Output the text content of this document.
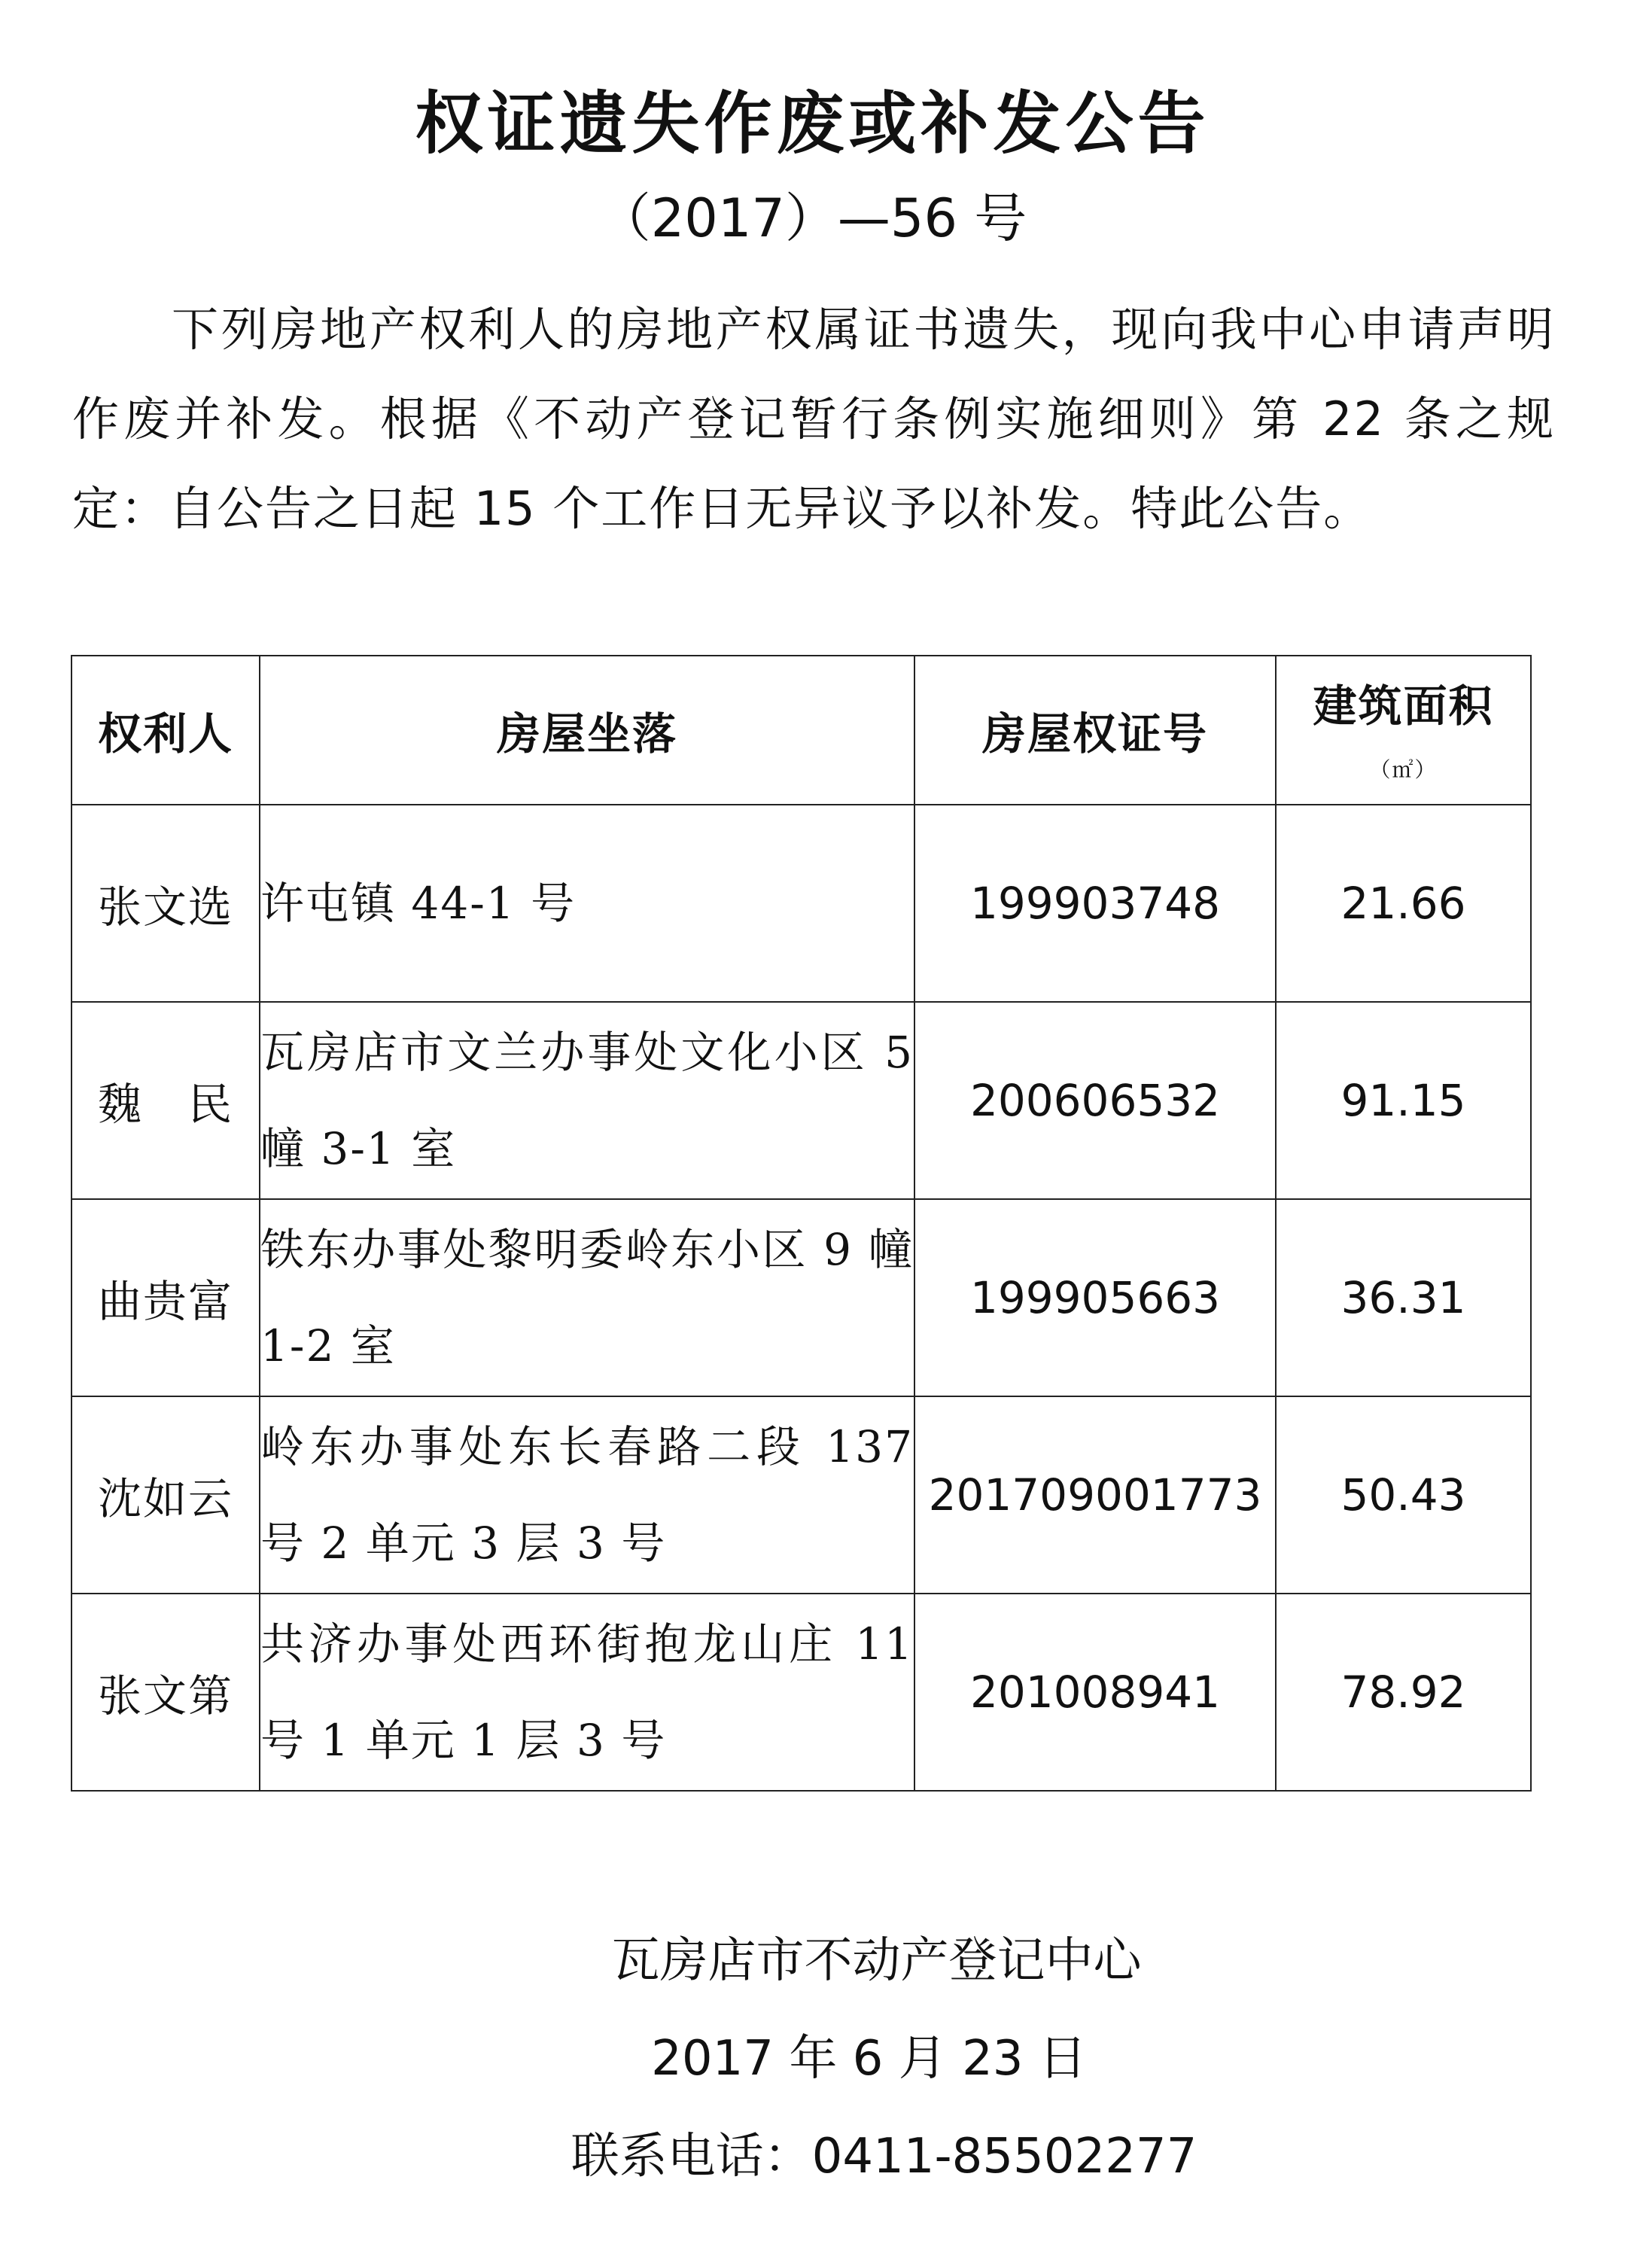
权证遗失作废或补发公告
（2017）—56 号
下列房地产权利人的房地产权属证书遗失，现向我中心申请声明作废并补发。根据《不动产登记暂行条例实施细则》第 22 条之规定：自公告之日起 15 个工作日无异议予以补发。特此公告。
权利人	房屋坐落	房屋权证号	建筑面积
（㎡）

张文选	许屯镇 44-1 号	199903748	21.66
魏　民	瓦房店市文兰办事处文化小区 5 幢 3-1 室	200606532	91.15
曲贵富	铁东办事处黎明委岭东小区 9 幢 1-2 室	199905663	36.31
沈如云	岭东办事处东长春路二段 137 号 2 单元 3 层 3 号	201709001773	50.43
张文第	共济办事处西环街抱龙山庄 11 号 1 单元 1 层 3 号	201008941	78.92
瓦房店市不动产登记中心
2017 年 6 月 23 日
联系电话：0411-85502277
